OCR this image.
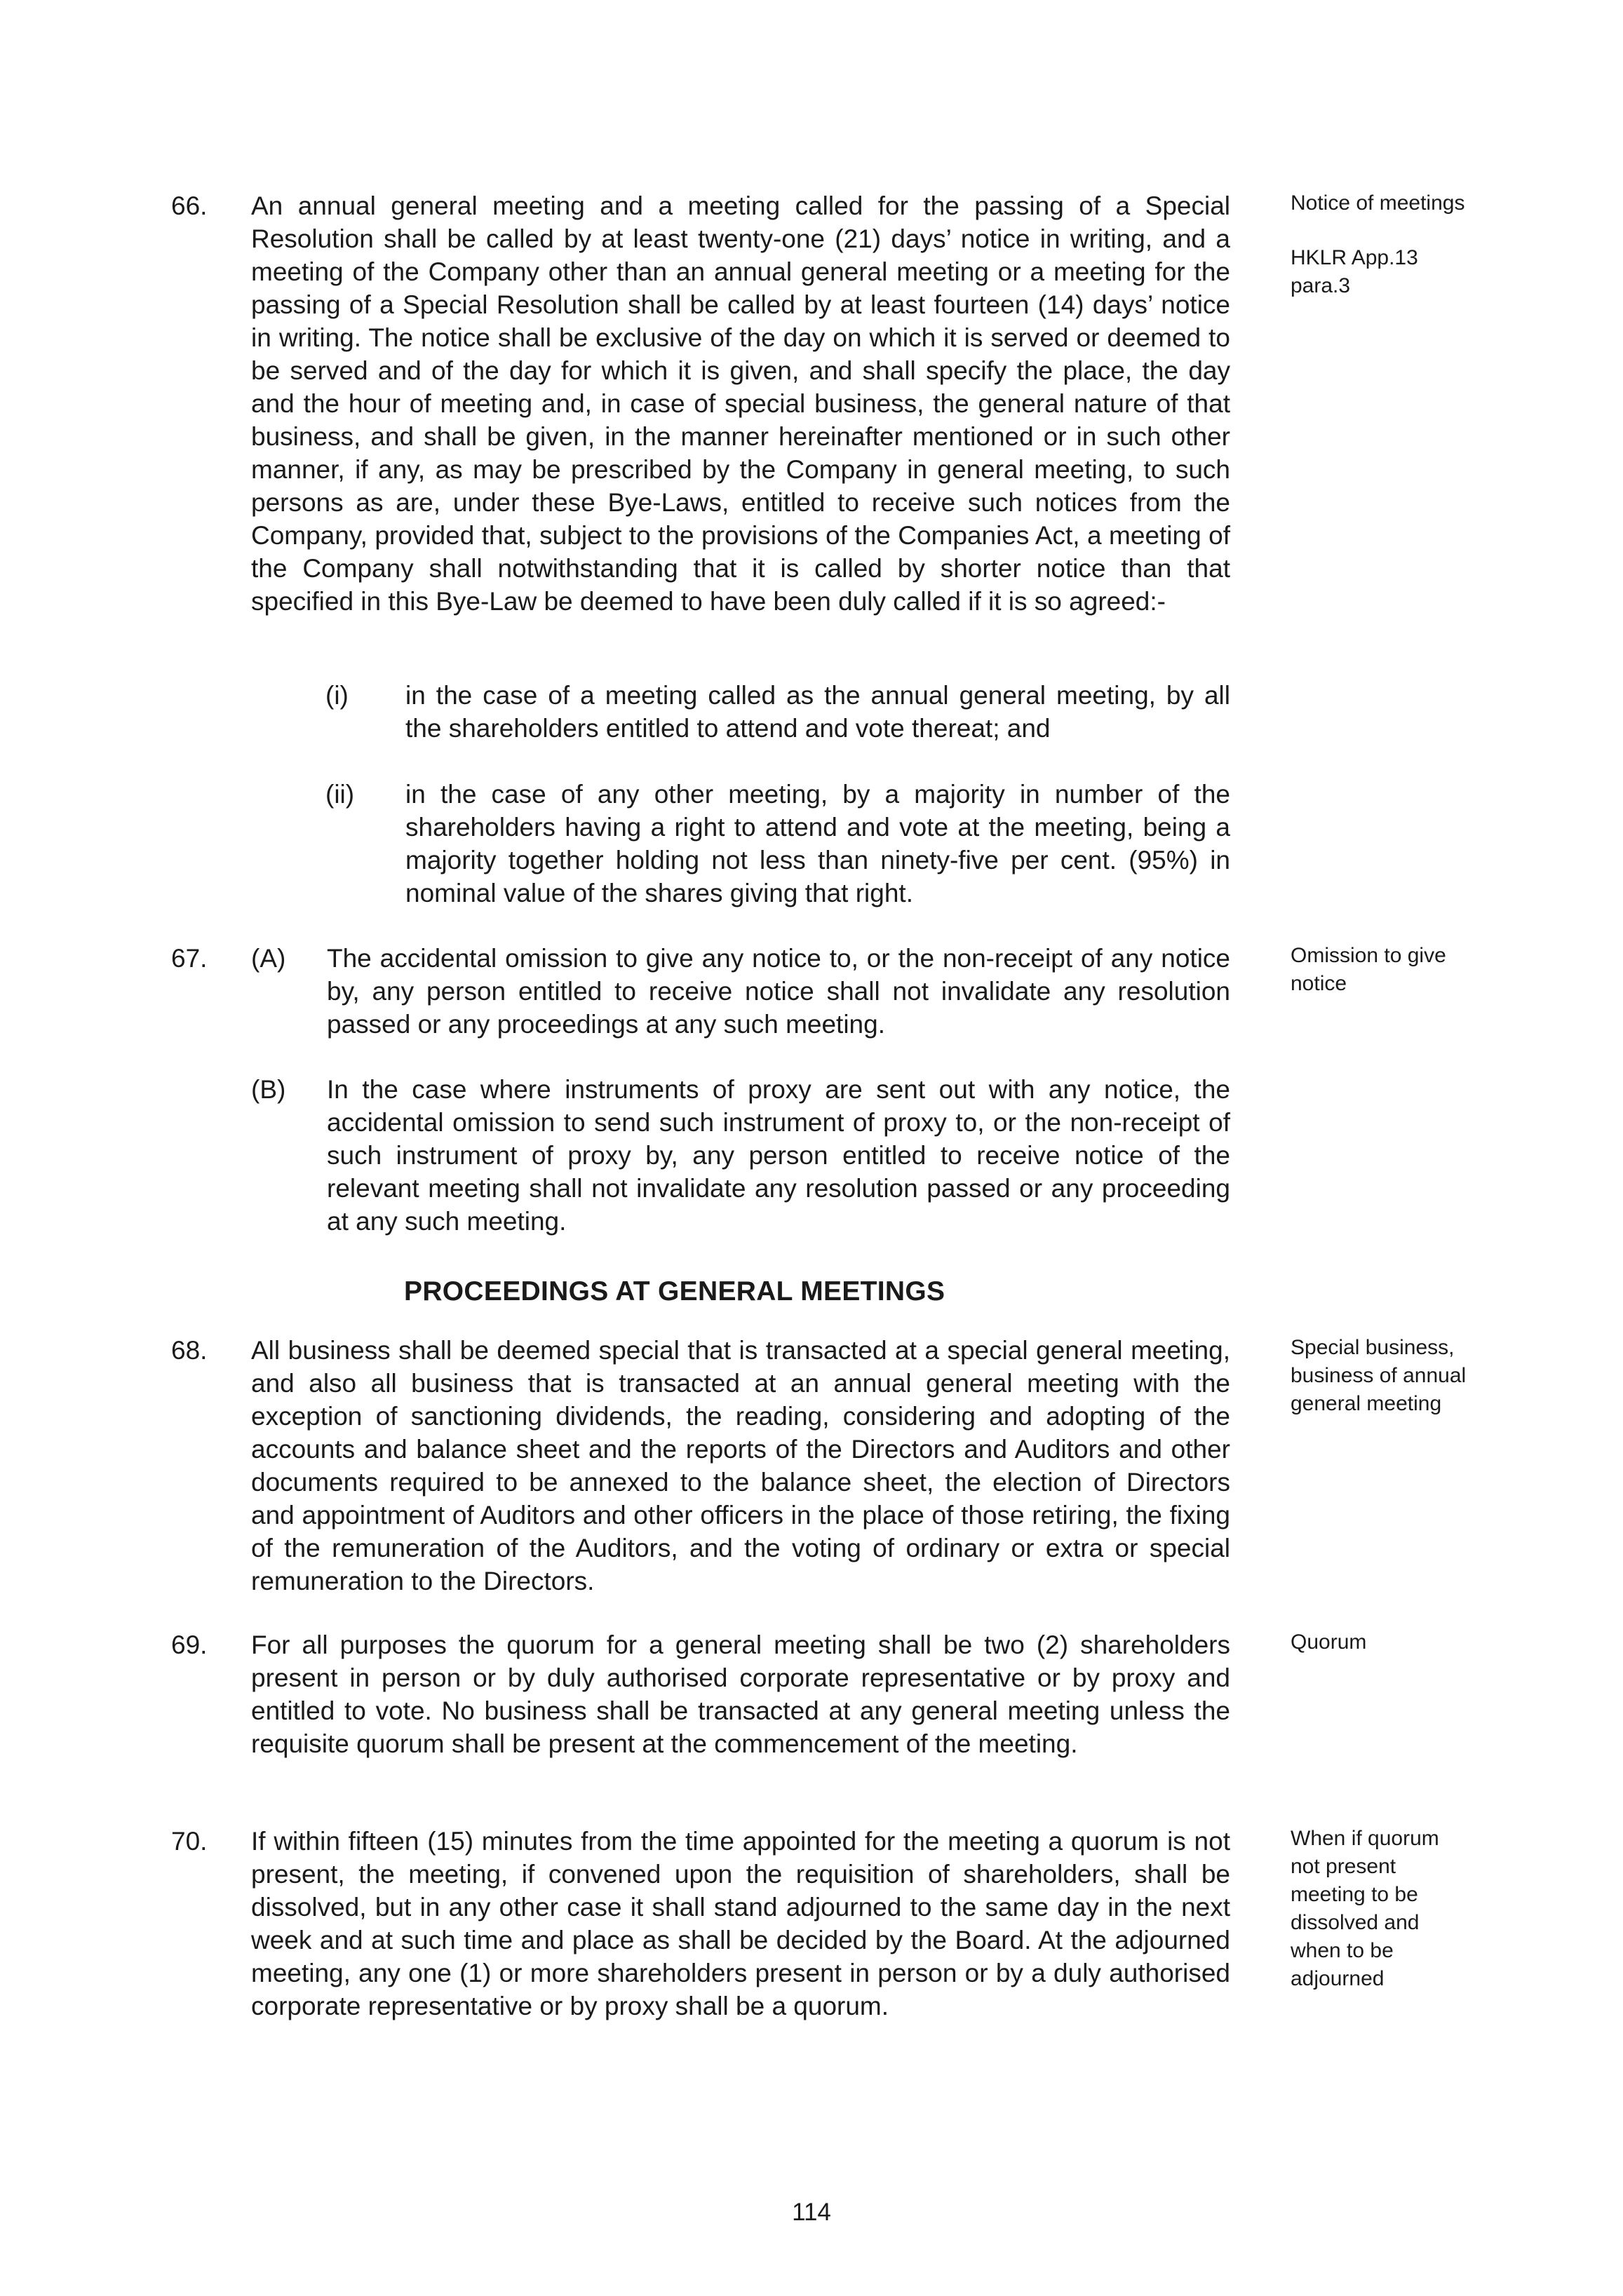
66. An annual general meeting and a meeting called for the passing of a Special Resolution shall be called by at least twenty-one (21) days’ notice in writing, and a meeting of the Company other than an annual general meeting or a meeting for the passing of a Special Resolution shall be called by at least fourteen (14) days’ notice in writing. The notice shall be exclusive of the day on which it is served or deemed to be served and of the day for which it is given, and shall specify the place, the day and the hour of meeting and, in case of special business, the general nature of that business, and shall be given, in the manner hereinafter mentioned or in such other manner, if any, as may be prescribed by the Company in general meeting, to such persons as are, under these Bye-Laws, entitled to receive such notices from the Company, provided that, subject to the provisions of the Companies Act, a meeting of the Company shall notwithstanding that it is called by shorter notice than that specified in this Bye-Law be deemed to have been duly called if it is so agreed:-
(i) in the case of a meeting called as the annual general meeting, by all the shareholders entitled to attend and vote thereat; and
(ii) in the case of any other meeting, by a majority in number of the shareholders having a right to attend and vote at the meeting, being a majority together holding not less than ninety-five per cent. (95%) in nominal value of the shares giving that right.
Notice of meetings
HKLR App.13 para.3
67. (A) The accidental omission to give any notice to, or the non-receipt of any notice by, any person entitled to receive notice shall not invalidate any resolution passed or any proceedings at any such meeting.
(B) In the case where instruments of proxy are sent out with any notice, the accidental omission to send such instrument of proxy to, or the non-receipt of such instrument of proxy by, any person entitled to receive notice of the relevant meeting shall not invalidate any resolution passed or any proceeding at any such meeting.
Omission to give notice
PROCEEDINGS AT GENERAL MEETINGS
68. All business shall be deemed special that is transacted at a special general meeting, and also all business that is transacted at an annual general meeting with the exception of sanctioning dividends, the reading, considering and adopting of the accounts and balance sheet and the reports of the Directors and Auditors and other documents required to be annexed to the balance sheet, the election of Directors and appointment of Auditors and other officers in the place of those retiring, the fixing of the remuneration of the Auditors, and the voting of ordinary or extra or special remuneration to the Directors.
Special business, business of annual general meeting
69. For all purposes the quorum for a general meeting shall be two (2) shareholders present in person or by duly authorised corporate representative or by proxy and entitled to vote. No business shall be transacted at any general meeting unless the requisite quorum shall be present at the commencement of the meeting.
Quorum
70. If within fifteen (15) minutes from the time appointed for the meeting a quorum is not present, the meeting, if convened upon the requisition of shareholders, shall be dissolved, but in any other case it shall stand adjourned to the same day in the next week and at such time and place as shall be decided by the Board. At the adjourned meeting, any one (1) or more shareholders present in person or by a duly authorised corporate representative or by proxy shall be a quorum.
When if quorum not present meeting to be dissolved and when to be adjourned
114
